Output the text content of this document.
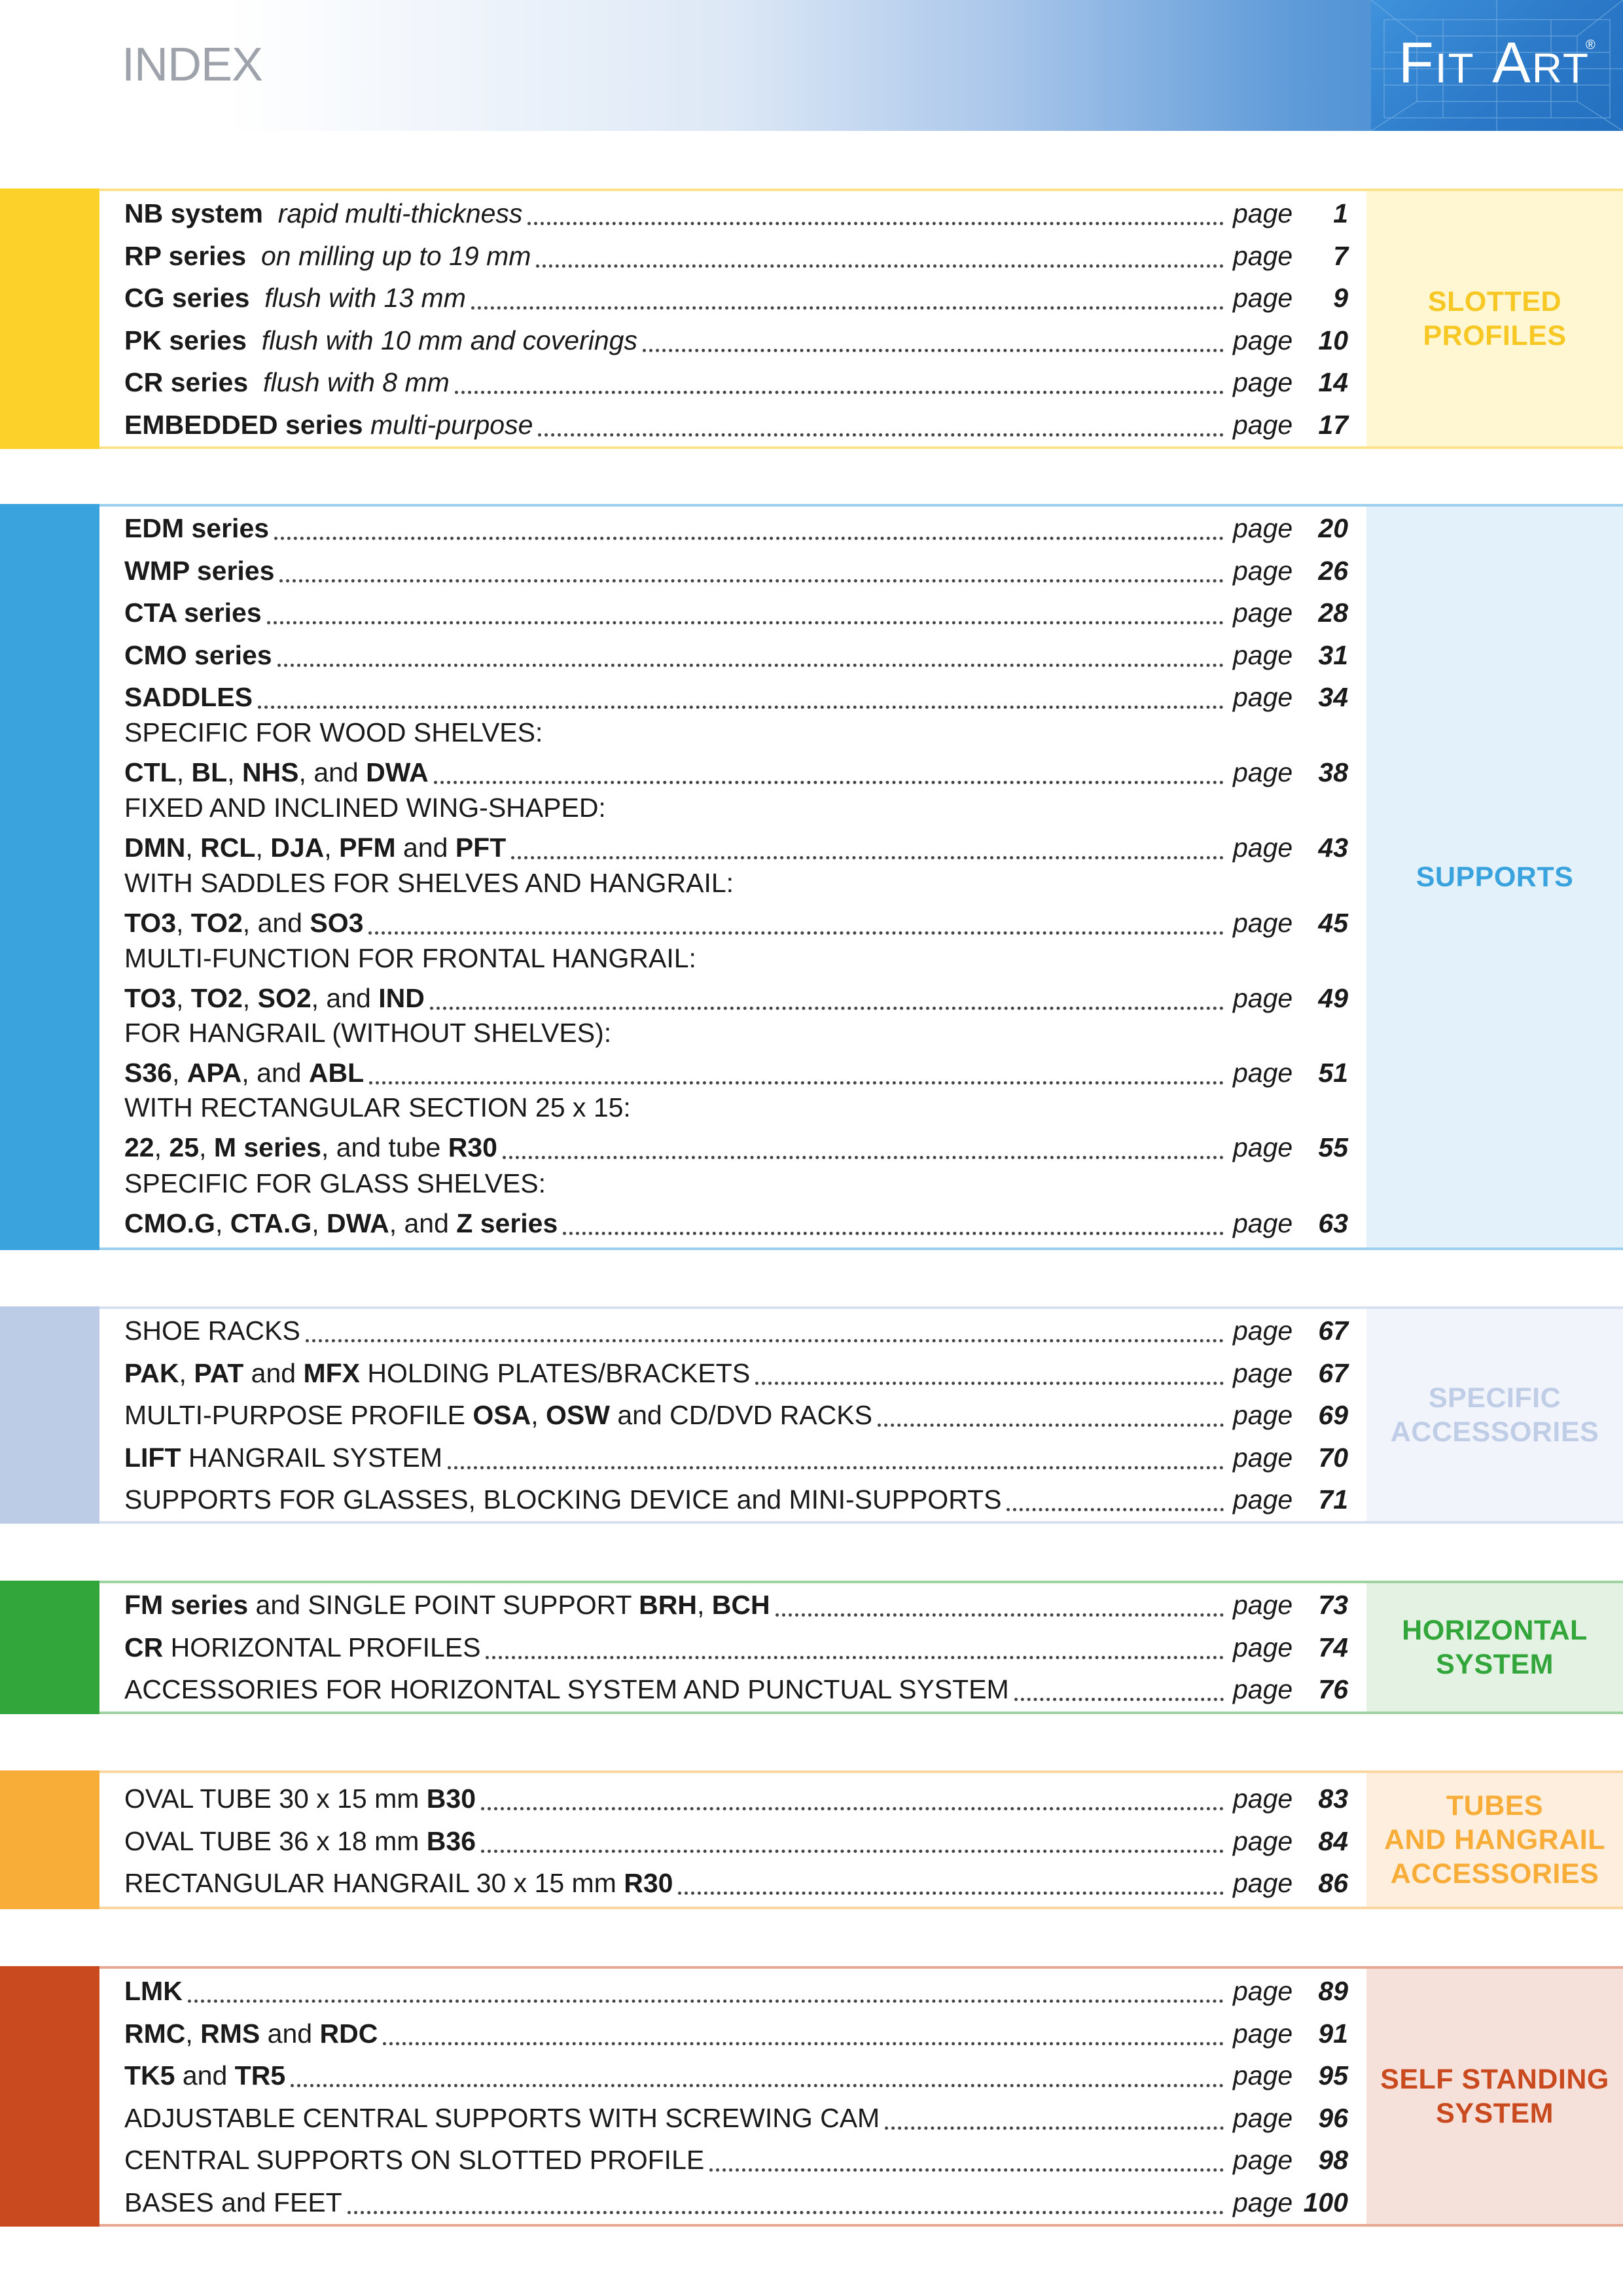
INDEX	FIT ART
®
SLOTTED
PROFILES
NB system rapid multi-thickness	page	1
RP series on milling up to 19 mm	page	7
CG series flush with 13 mm	page	9
PK series flush with 10 mm and coverings	page 10
CR series flush with 8 mm	page 14
EMBEDDED series multi-purpose	page 17
SUPPORTS
EDM series	page 20
WMP series	page 26
CTA series	page 28
CMO series	page 31
SADDLES	page 34
SPECIFIC FOR WOOD SHELVES:
CTL, BL, NHS, and DWA	page 38
FIXED AND INCLINED WING-SHAPED:
DMN, RCL, DJA, PFM and PFT	page 43
WITH SADDLES FOR SHELVES AND HANGRAIL:
TO3, TO2, and SO3	page 45
MULTI-FUNCTION FOR FRONTAL HANGRAIL:
TO3, TO2, SO2, and IND	page 49
FOR HANGRAIL (WITHOUT SHELVES):
S36, APA, and ABL	page 51
WITH RECTANGULAR SECTION 25 x 15:
22, 25, M series, and tube R30	page 55
SPECIFIC FOR GLASS SHELVES:
CMO.G, CTA.G, DWA, and Z series	page 63
SPECIFIC
ACCESSORIES
SHOE RACKS	page 67
PAK, PAT and MFX HOLDING PLATES/BRACKETS	page 67
MULTI-PURPOSE PROFILE OSA, OSW and CD/DVD RACKS	page 69
LIFT HANGRAIL SYSTEM	page 70
SUPPORTS FOR GLASSES, BLOCKING DEVICE and MINI-SUPPORTS	page 71
HORIZONTAL
SYSTEM
FM series and SINGLE POINT SUPPORT BRH, BCH	page 73
CR HORIZONTAL PROFILES	page 74
ACCESSORIES FOR HORIZONTAL SYSTEM AND PUNCTUAL SYSTEM	page 76
TUBES
AND HANGRAIL
ACCESSORIES
OVAL TUBE 30 x 15 mm B30	page 83
OVAL TUBE 36 x 18 mm B36	page 84
RECTANGULAR HANGRAIL 30 x 15 mm R30	page 86
SELF STANDING
SYSTEM
LMK	page 89
RMC, RMS and RDC	page 91
TK5 and TR5	page 95
ADJUSTABLE CENTRAL SUPPORTS WITH SCREWING CAM	page 96
CENTRAL SUPPORTS ON SLOTTED PROFILE	page 98
BASES and FEET	page 100
